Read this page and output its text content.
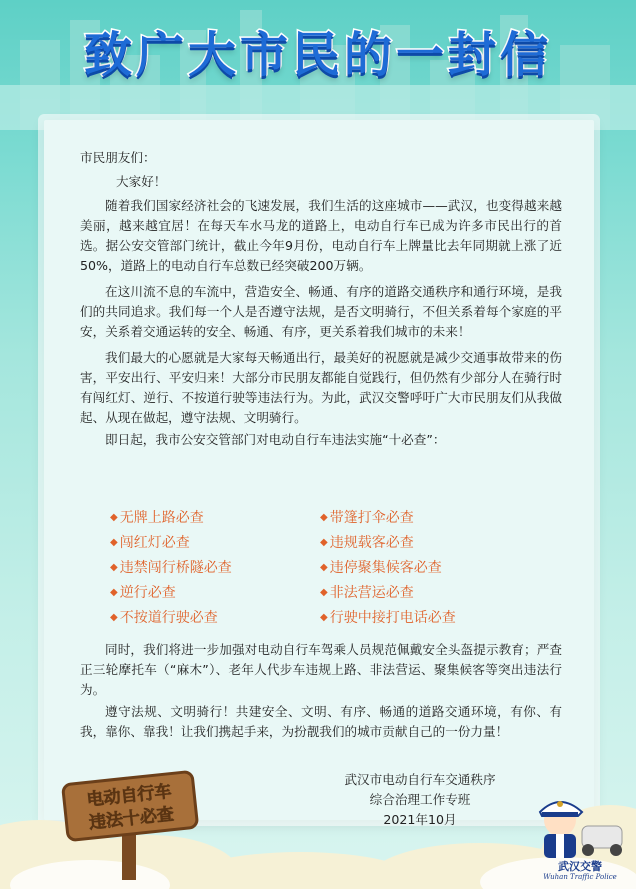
致广大市民的一封信

市民朋友们：

大家好！

随着我们国家经济社会的飞速发展，我们生活的这座城市——武汉，也变得越来越美丽，越来越宜居！在每天车水马龙的道路上，电动自行车已成为许多市民出行的首选。据公安交管部门统计，截止今年9月份，电动自行车上牌量比去年同期就上涨了近50%，道路上的电动自行车总数已经突破200万辆。

在这川流不息的车流中，营造安全、畅通、有序的道路交通秩序和通行环境，是我们的共同追求。我们每一个人是否遵守法规，是否文明骑行，不但关系着每个家庭的平安，关系着交通运转的安全、畅通、有序，更关系着我们城市的未来！

我们最大的心愿就是大家每天畅通出行，最美好的祝愿就是减少交通事故带来的伤害，平安出行、平安归来！大部分市民朋友都能自觉践行，但仍然有少部分人在骑行时有闯红灯、逆行、不按道行驶等违法行为。为此，武汉交警呼吁广大市民朋友们从我做起、从现在做起，遵守法规、文明骑行。

即日起，我市公安交管部门对电动自行车违法实施“十必查”：

◆ 无牌上路必查	◆ 带篷打伞必查
◆ 闯红灯必查	◆ 违规载客必查
◆ 违禁闯行桥隧必查	◆ 违停聚集候客必查
◆ 逆行必查	◆ 非法营运必查
◆ 不按道行驶必查	◆ 行驶中接打电话必查

同时，我们将进一步加强对电动自行车驾乘人员规范佩戴安全头盔提示教育；严查正三轮摩托车（“麻木”）、老年人代步车违规上路、非法营运、聚集候客等突出违法行为。

遵守法规、文明骑行！共建安全、文明、有序、畅通的道路交通环境，有你、有我，靠你、靠我！让我们携起手来，为扮靓我们的城市贡献自己的一份力量！

武汉市电动自行车交通秩序
综合治理工作专班
2021年10月
电动自行车
违法十必查
武汉交警
Wuhan Traffic Police
